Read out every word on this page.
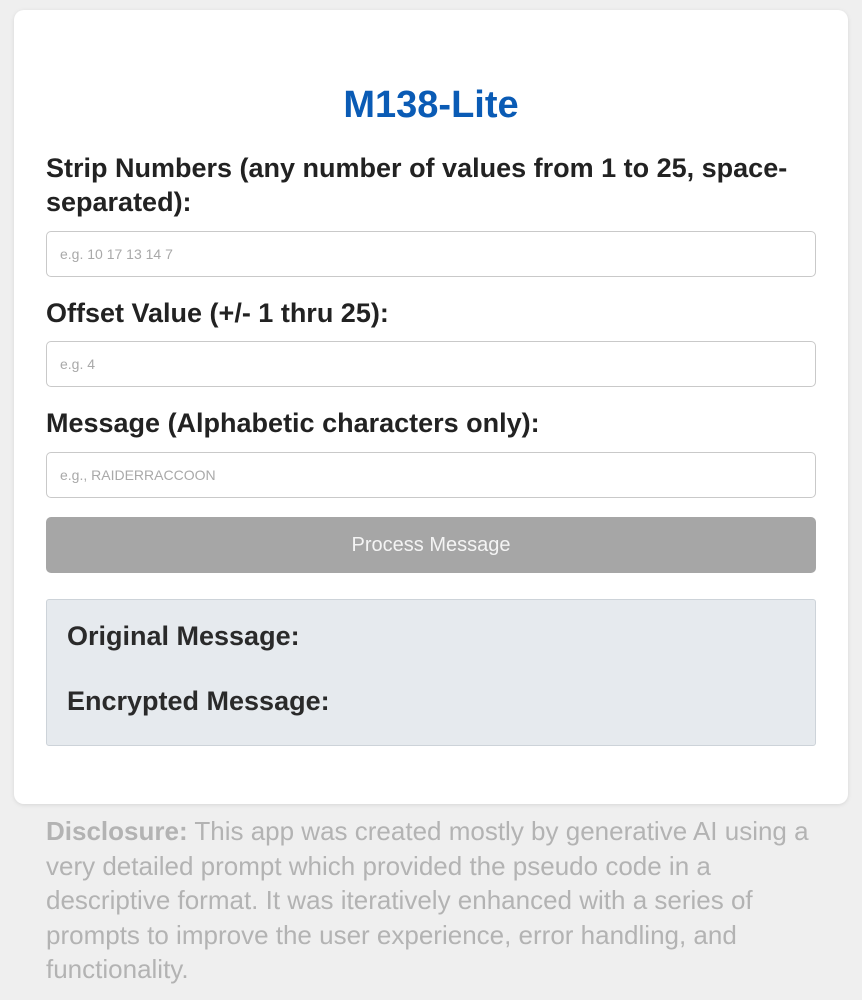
M138-Lite
Strip Numbers (any number of values from 1 to 25, space-separated):
e.g. 10 17 13 14 7
Offset Value (+/- 1 thru 25):
e.g. 4
Message (Alphabetic characters only):
e.g., RAIDERRACCOON
Process Message
Original Message:
Encrypted Message:

Disclosure: This app was created mostly by generative AI using a very detailed prompt which provided the pseudo code in a descriptive format. It was iteratively enhanced with a series of prompts to improve the user experience, error handling, and functionality.
